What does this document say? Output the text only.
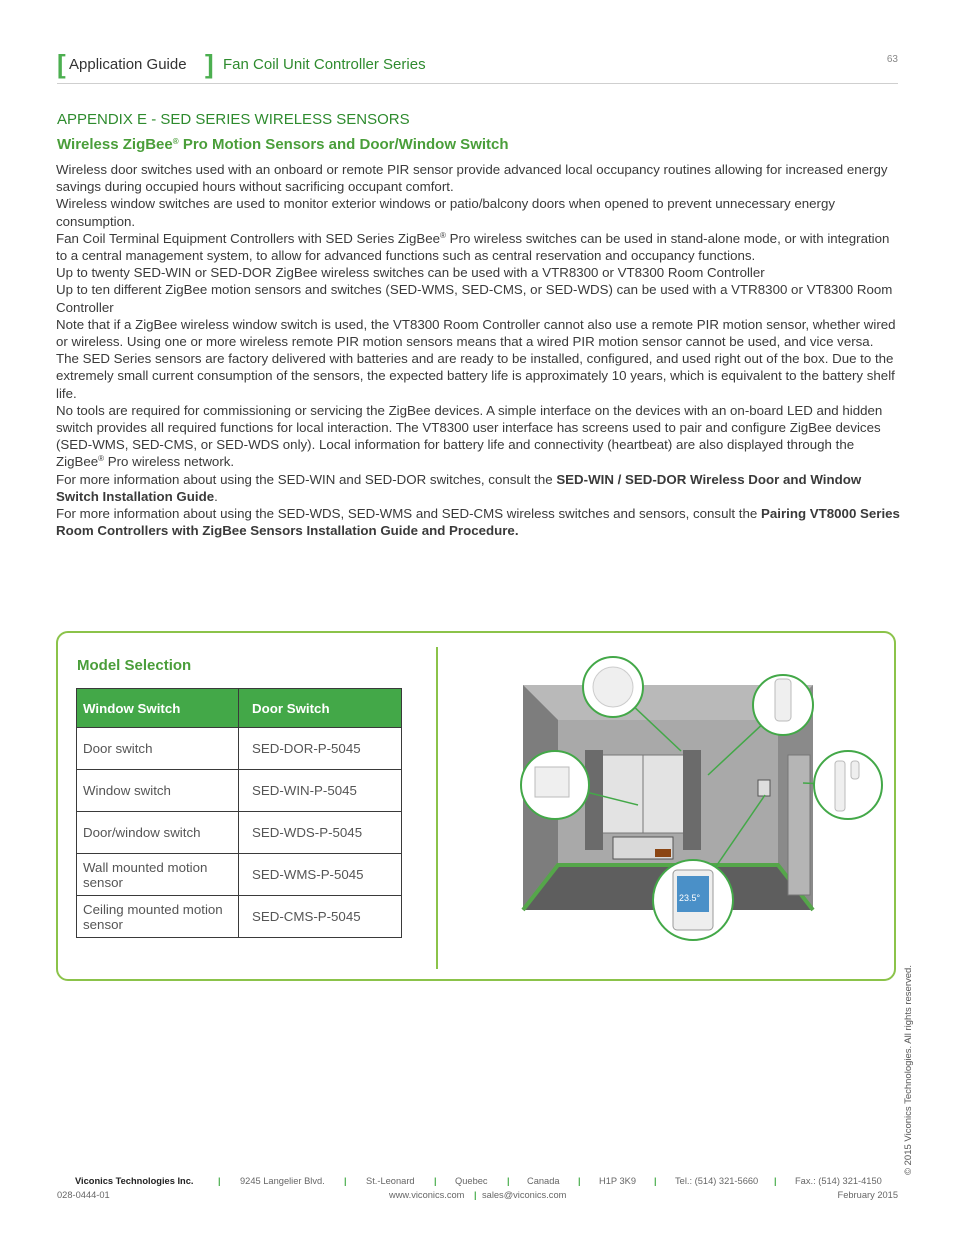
[ Application Guide ] Fan Coil Unit Controller Series	63
APPENDIX E - SED SERIES WIRELESS SENSORS
Wireless ZigBee® Pro Motion Sensors and Door/Window Switch

Wireless door switches used with an onboard or remote PIR sensor provide advanced local occupancy routines allowing for increased energy savings during occupied hours without sacrificing occupant comfort.

Wireless window switches are used to monitor exterior windows or patio/balcony doors when opened to prevent unnecessary energy consumption.

Fan Coil Terminal Equipment Controllers with SED Series ZigBee® Pro wireless switches can be used in stand-alone mode, or with integration to a central management system, to allow for advanced functions such as central reservation and occupancy functions.

Up to twenty SED-WIN or SED-DOR ZigBee wireless switches can be used with a VTR8300 or VT8300 Room Controller

Up to ten different ZigBee motion sensors and switches (SED-WMS, SED-CMS, or SED-WDS) can be used with a VTR8300 or VT8300 Room Controller

Note that if a ZigBee wireless window switch is used, the VT8300 Room Controller cannot also use a remote PIR motion sensor, whether wired or wireless. Using one or more wireless remote PIR motion sensors means that a wired PIR motion sensor cannot be used, and vice versa.

The SED Series sensors are factory delivered with batteries and are ready to be installed, configured, and used right out of the box. Due to the extremely small current consumption of the sensors, the expected battery life is approximately 10 years, which is equivalent to the battery shelf life.

No tools are required for commissioning or servicing the ZigBee devices. A simple interface on the devices with an on-board LED and hidden switch provides all required functions for local interaction. The VT8300 user interface has screens used to pair and configure ZigBee devices (SED-WMS, SED-CMS, or SED-WDS only). Local information for battery life and connectivity (heartbeat) are also displayed through the ZigBee® Pro wireless network.

For more information about using the SED-WIN and SED-DOR switches, consult the SED-WIN / SED-DOR Wireless Door and Window Switch Installation Guide.

For more information about using the SED-WDS, SED-WMS and SED-CMS wireless switches and sensors, consult the Pairing VT8000 Series Room Controllers with ZigBee Sensors Installation Guide and Procedure.

Model Selection
Window Switch	Door Switch
Door switch	SED-DOR-P-5045
Window switch	SED-WIN-P-5045
Door/window switch	SED-WDS-P-5045
Wall mounted motion sensor	SED-WMS-P-5045
Ceiling mounted motion sensor	SED-CMS-P-5045
23.5°
© 2015 Viconics Technologies. All rights reserved.
Viconics Technologies Inc.	| 9245 Langelier Blvd. | St.-Leonard | Quebec | Canada | H1P 3K9 | Tel.: (514) 321-5660 | Fax.: (514) 321-4150
028-0444-01	www.viconics.com | sales@viconics.com	February 2015
